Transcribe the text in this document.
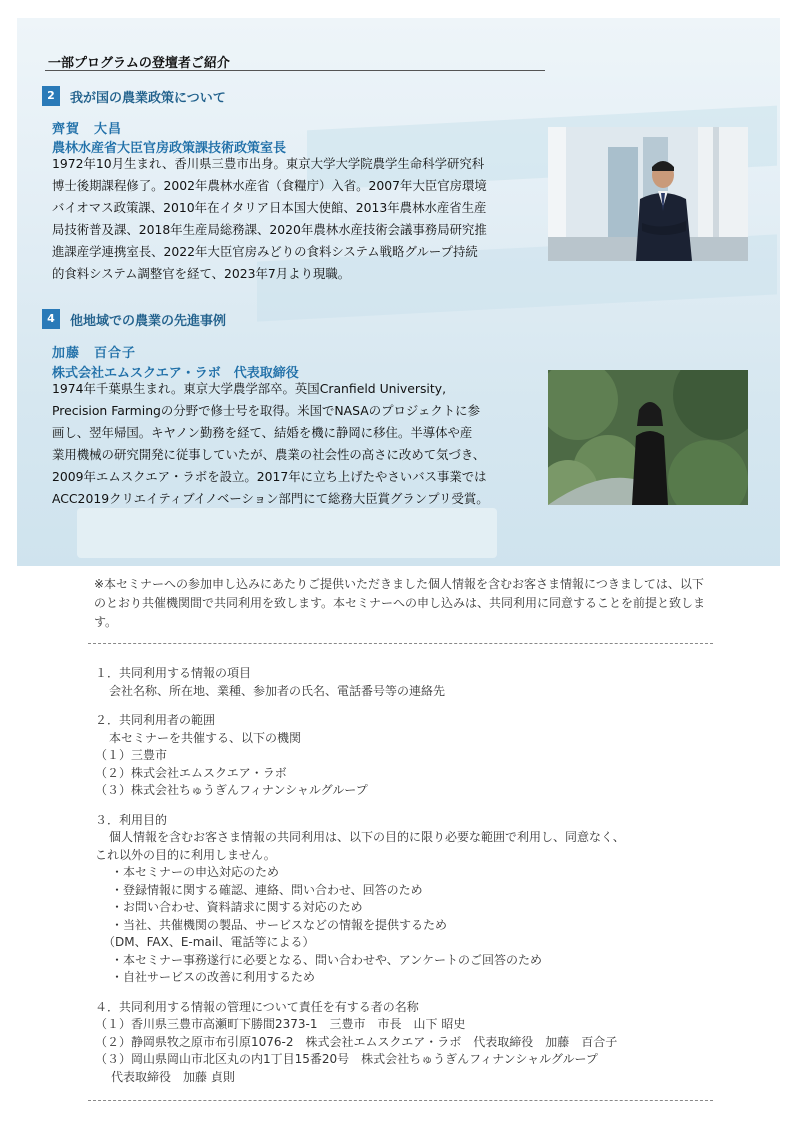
一部プログラムの登壇者ご紹介
2	我が国の農業政策について
齊賀　大昌
農林水産省大臣官房政策課技術政策室長
1972年10月生まれ、香川県三豊市出身。東京大学大学院農学生命科学研究科
博士後期課程修了。2002年農林水産省（食糧庁）入省。2007年大臣官房環境
バイオマス政策課、2010年在イタリア日本国大使館、2013年農林水産省生産
局技術普及課、2018年生産局総務課、2020年農林水産技術会議事務局研究推
進課産学連携室長、2022年大臣官房みどりの食料システム戦略グループ持続
的食料システム調整官を経て、2023年7月より現職。
4	他地域での農業の先進事例
加藤　百合子
株式会社エムスクエア・ラボ　代表取締役
1974年千葉県生まれ。東京大学農学部卒。英国Cranfield University,
Precision Farmingの分野で修士号を取得。米国でNASAのプロジェクトに参
画し、翌年帰国。キヤノン勤務を経て、結婚を機に静岡に移住。半導体や産
業用機械の研究開発に従事していたが、農業の社会性の高さに改めて気づき、
2009年エムスクエア・ラボを設立。2017年に立ち上げたやさいバス事業では
ACC2019クリエイティブイノベーション部門にて総務大臣賞グランプリ受賞。
※本セミナーへの参加申し込みにあたりご提供いただきました個人情報を含むお客さま情報につきましては、以下のとおり共催機関間で共同利用を致します。本セミナーへの申し込みは、共同利用に同意することを前提と致します。
１．共同利用する情報の項目
会社名称、所在地、業種、参加者の氏名、電話番号等の連絡先
２．共同利用者の範囲
本セミナーを共催する、以下の機関
（１）三豊市
（２）株式会社エムスクエア・ラボ
（３）株式会社ちゅうぎんフィナンシャルグループ
３．利用目的
個人情報を含むお客さま情報の共同利用は、以下の目的に限り必要な範囲で利用し、同意なく、
これ以外の目的に利用しません。
・本セミナーの申込対応のため
・登録情報に関する確認、連絡、問い合わせ、回答のため
・お問い合わせ、資料請求に関する対応のため
・当社、共催機関の製品、サービスなどの情報を提供するため
（DM、FAX、E-mail、電話等による）
・本セミナー事務遂行に必要となる、問い合わせや、アンケートのご回答のため
・自社サービスの改善に利用するため
４．共同利用する情報の管理について責任を有する者の名称
（１）香川県三豊市高瀬町下勝間2373-1　三豊市　市長　山下 昭史
（２）静岡県牧之原市布引原1076-2　株式会社エムスクエア・ラボ　代表取締役　加藤　百合子
（３）岡山県岡山市北区丸の内1丁目15番20号　株式会社ちゅうぎんフィナンシャルグループ
代表取締役　加藤 貞則
